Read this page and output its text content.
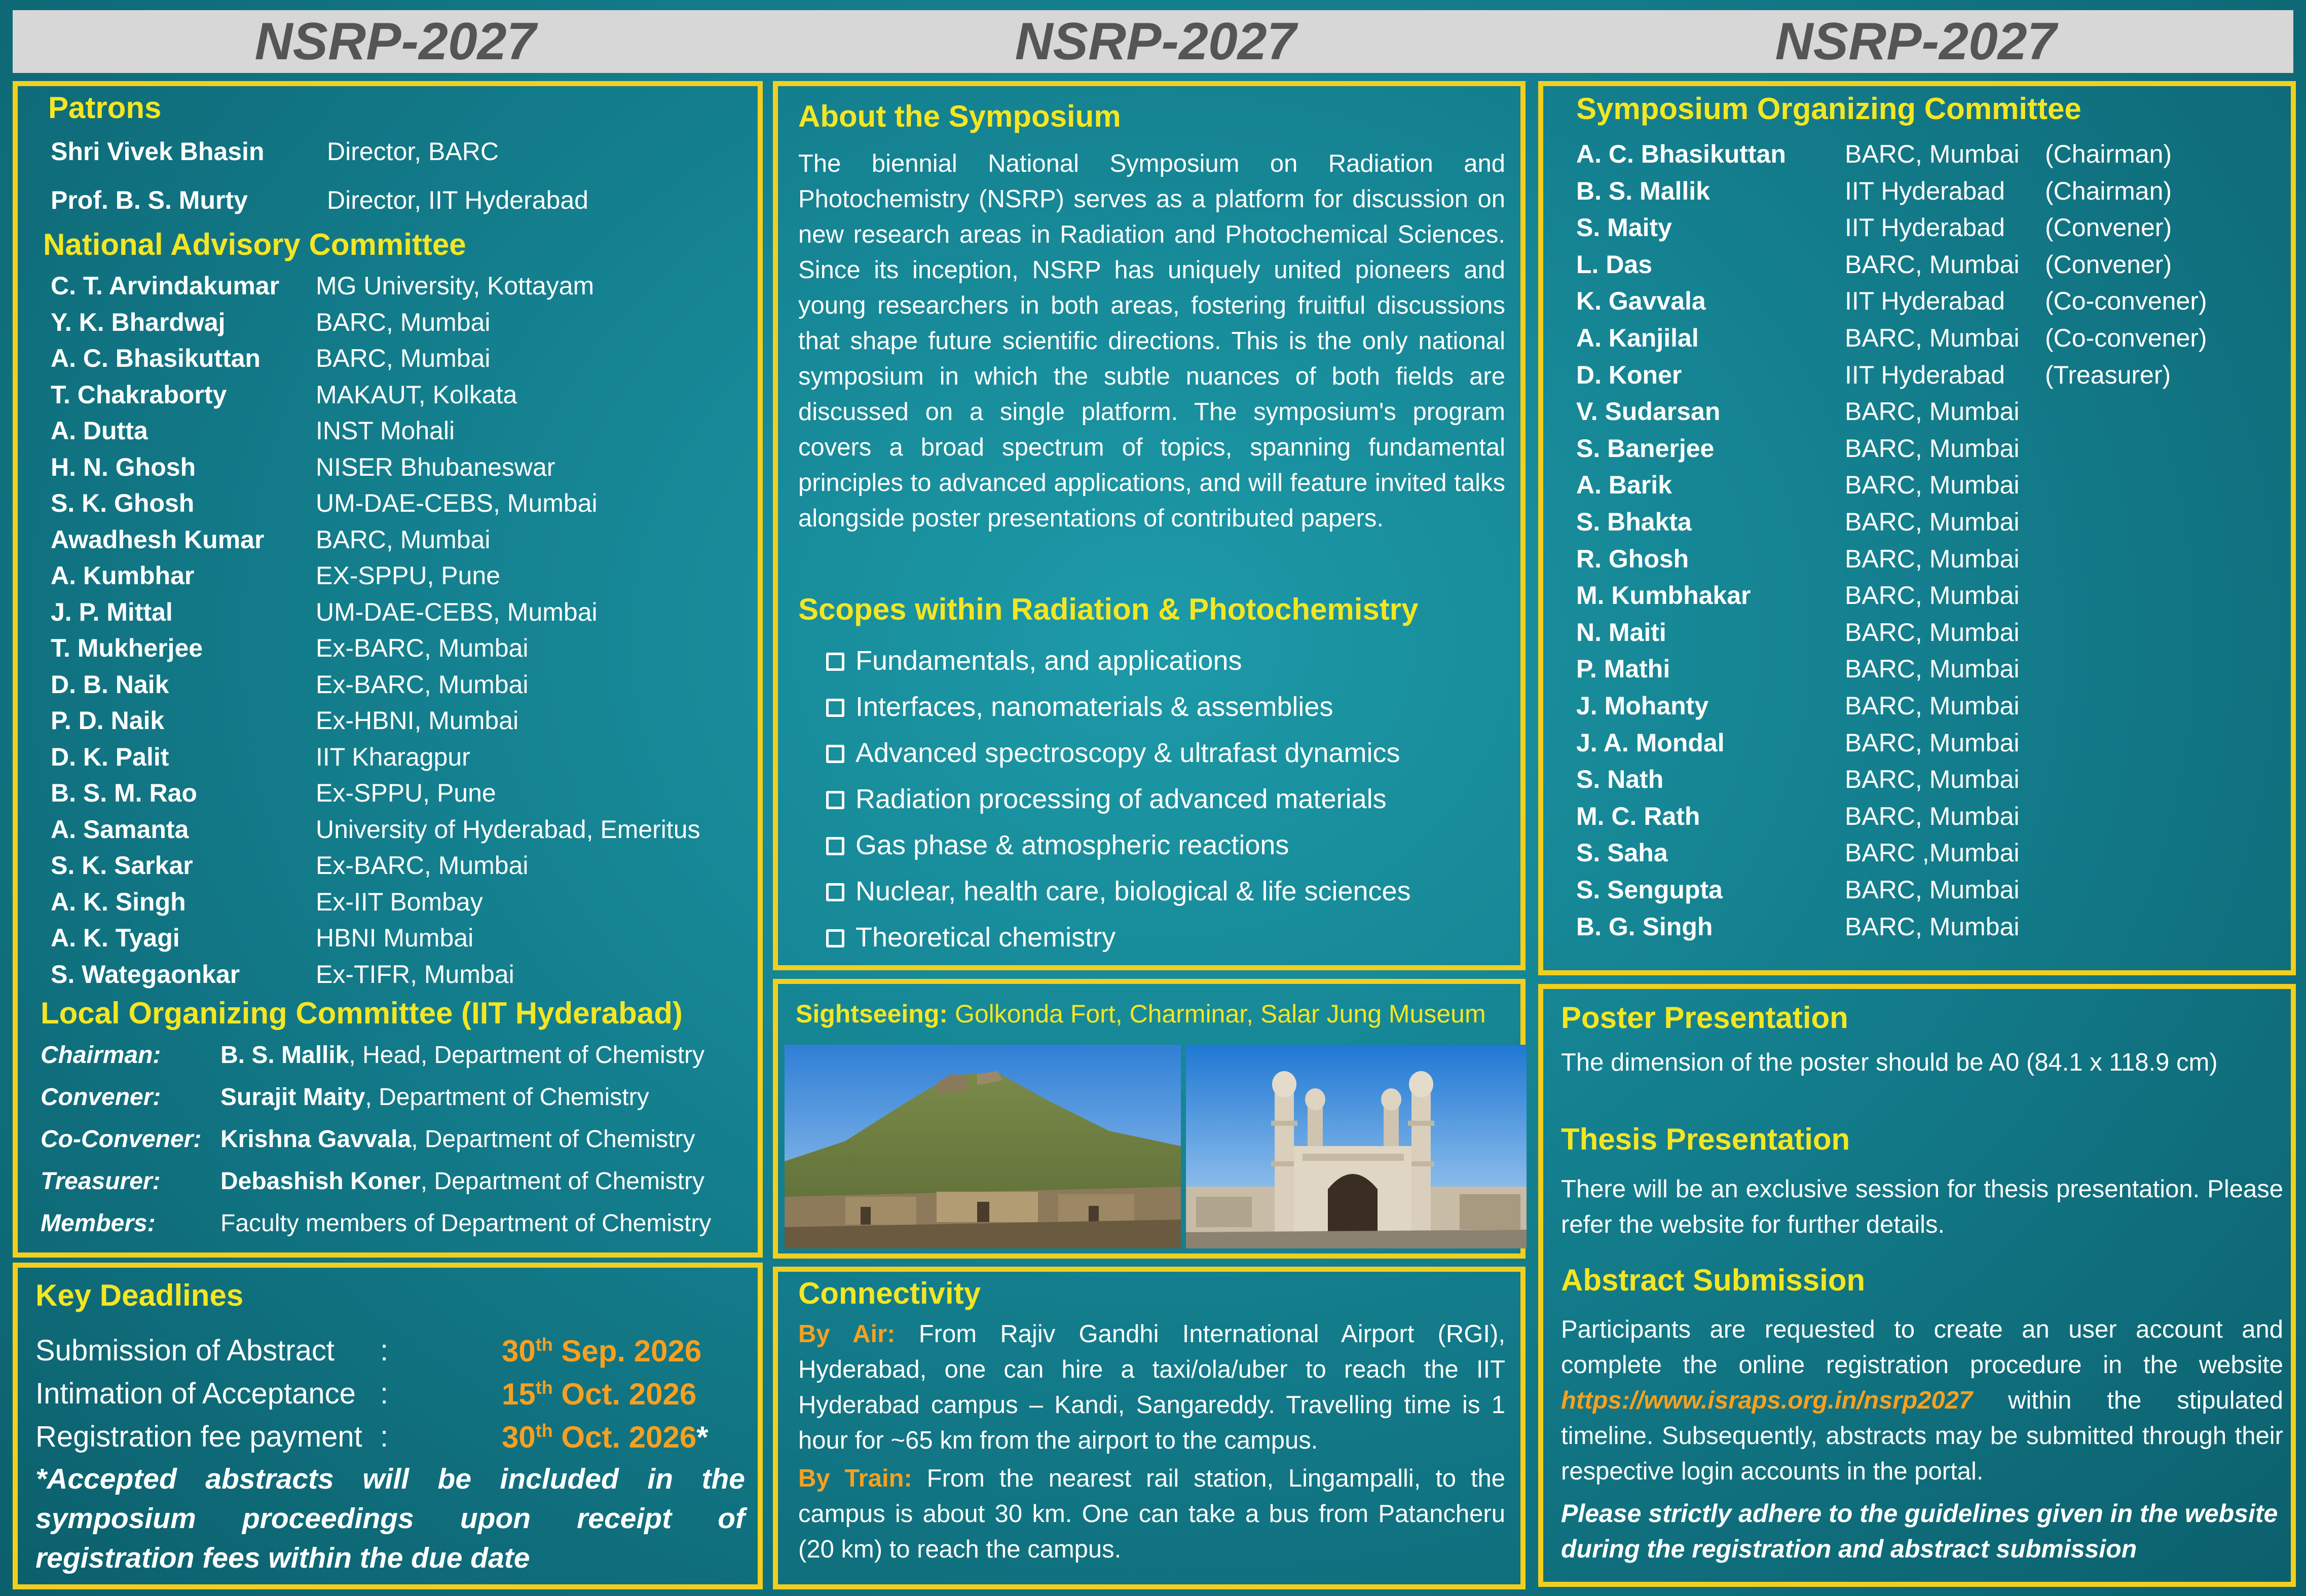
NSRP-2027	NSRP-2027	NSRP-2027
Patrons
Shri Vivek Bhasin Director, BARC
Prof. B. S. Murty	Director, IIT Hyderabad
National Advisory Committee
C. T. Arvindakumar MG University, Kottayam
Y. K. Bhardwaj	BARC, Mumbai
A. C. Bhasikuttan BARC, Mumbai
T. Chakraborty	MAKAUT, Kolkata
A. Dutta	INST Mohali
H. N. Ghosh	NISER Bhubaneswar
S. K. Ghosh	UM-DAE-CEBS, Mumbai
Awadhesh Kumar BARC, Mumbai
A. Kumbhar	EX-SPPU, Pune
J. P. Mittal	UM-DAE-CEBS, Mumbai
T. Mukherjee	Ex-BARC, Mumbai
D. B. Naik	Ex-BARC, Mumbai
P. D. Naik	Ex-HBNI, Mumbai
D. K. Palit	IIT Kharagpur
B. S. M. Rao	Ex-SPPU, Pune
A. Samanta	University of Hyderabad, Emeritus
S. K. Sarkar	Ex-BARC, Mumbai
A. K. Singh	Ex-IIT Bombay
A. K. Tyagi	HBNI Mumbai
S. Wategaonkar	Ex-TIFR, Mumbai
Local Organizing Committee (IIT Hyderabad)
Chairman: B. S. Mallik, Head, Department of Chemistry
Convener: Surajit Maity, Department of Chemistry
Co-Convener: Krishna Gavvala, Department of Chemistry
Treasurer: Debashish Koner, Department of Chemistry
Members:	Faculty members of Department of Chemistry
Key Deadlines
Submission of Abstract :	30th Sep. 2026
Intimation of Acceptance :	15th Oct. 2026
Registration fee payment :	30th Oct. 2026*
*Accepted abstracts will be included in the symposium proceedings upon receipt of registration fees within the due date
About the Symposium
The biennial National Symposium on Radiation and Photochemistry (NSRP) serves as a platform for discussion on new research areas in Radiation and Photochemical Sciences. Since its inception, NSRP has uniquely united pioneers and young researchers in both areas, fostering fruitful discussions that shape future scientific directions. This is the only national symposium in which the subtle nuances of both fields are discussed on a single platform. The symposium's program covers a broad spectrum of topics, spanning fundamental principles to advanced applications, and will feature invited talks alongside poster presentations of contributed papers.
Scopes within Radiation & Photochemistry
Fundamentals, and applications
Interfaces, nanomaterials & assemblies
Advanced spectroscopy & ultrafast dynamics
Radiation processing of advanced materials
Gas phase & atmospheric reactions
Nuclear, health care, biological & life sciences
Theoretical chemistry
Sightseeing: Golkonda Fort, Charminar, Salar Jung Museum
Connectivity
By Air: From Rajiv Gandhi International Airport (RGI), Hyderabad, one can hire a taxi/ola/uber to reach the IIT Hyderabad campus – Kandi, Sangareddy. Travelling time is 1 hour for ~65 km from the airport to the campus.
By Train: From the nearest rail station, Lingampalli, to the campus is about 30 km. One can take a bus from Patancheru (20 km) to reach the campus.
Symposium Organizing Committee
A. C. Bhasikuttan BARC, Mumbai (Chairman)
B. S. Mallik	IIT Hyderabad (Chairman)
S. Maity	IIT Hyderabad (Convener)
L. Das	BARC, Mumbai (Convener)
K. Gavvala	IIT Hyderabad (Co-convener)
A. Kanjilal	BARC, Mumbai (Co-convener)
D. Koner	IIT Hyderabad (Treasurer)
V. Sudarsan	BARC, Mumbai
S. Banerjee	BARC, Mumbai
A. Barik	BARC, Mumbai
S. Bhakta	BARC, Mumbai
R. Ghosh	BARC, Mumbai
M. Kumbhakar	BARC, Mumbai
N. Maiti	BARC, Mumbai
P. Mathi	BARC, Mumbai
J. Mohanty	BARC, Mumbai
J. A. Mondal	BARC, Mumbai
S. Nath	BARC, Mumbai
M. C. Rath	BARC, Mumbai
S. Saha	BARC ,Mumbai
S. Sengupta	BARC, Mumbai
B. G. Singh	BARC, Mumbai
Poster Presentation
The dimension of the poster should be A0 (84.1 x 118.9 cm)
Thesis Presentation
There will be an exclusive session for thesis presentation. Please refer the website for further details.
Abstract Submission
Participants are requested to create an user account and complete the online registration procedure in the website https://www.israps.org.in/nsrp2027 within the stipulated timeline. Subsequently, abstracts may be submitted through their respective login accounts in the portal.
Please strictly adhere to the guidelines given in the website during the registration and abstract submission
